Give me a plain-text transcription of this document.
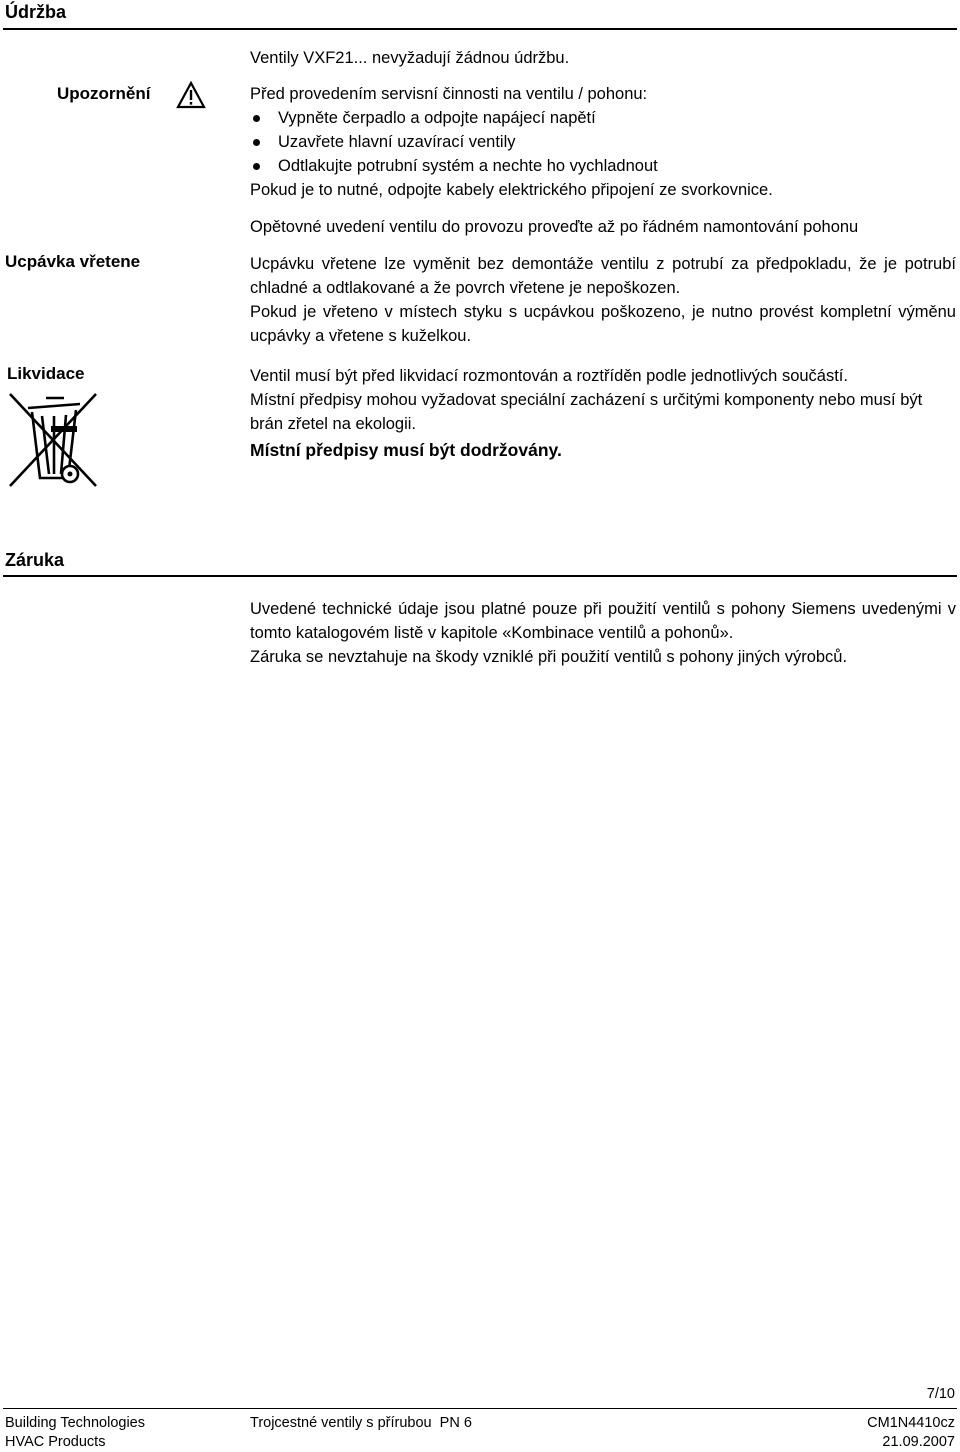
Údržba
Ventily VXF21... nevyžadují žádnou údržbu.
Upozornění	Před provedením servisní činnosti na ventilu / pohonu:

Vypněte čerpadlo a odpojte napájecí napětí
Uzavřete hlavní uzavírací ventily
Odtlakujte potrubní systém a nechte ho vychladnout

Pokud je to nutné, odpojte kabely elektrického připojení ze svorkovnice.

Opětovné uvedení ventilu do provozu proveďte až po řádném namontování pohonu
Ucpávka vřetene	Ucpávku vřetene lze vyměnit bez demontáže ventilu z potrubí za předpokladu, že je potrubí chladné a odtlakované a že povrch vřetene je nepoškozen.

Pokud je vřeteno v místech styku s ucpávkou poškozeno, je nutno provést kompletní výměnu ucpávky a vřetene s kuželkou.

Likvidace	Ventil musí být před likvidací rozmontován a roztříděn podle jednotlivých součástí.

Místní předpisy mohou vyžadovat speciální zacházení s určitými komponenty nebo musí být brán zřetel na ekologii.

Místní předpisy musí být dodržovány.

Záruka

Uvedené technické údaje jsou platné pouze při použití ventilů s pohony Siemens uvedenými v tomto katalogovém listě v kapitole «Kombinace ventilů a pohonů».

Záruka se nevztahuje na škody vzniklé při použití ventilů s pohony jiných výrobců.

7/10
Building Technologies
HVAC Products
Trojcestné ventily s přírubou  PN 6	CM1N4410cz
21.09.2007
